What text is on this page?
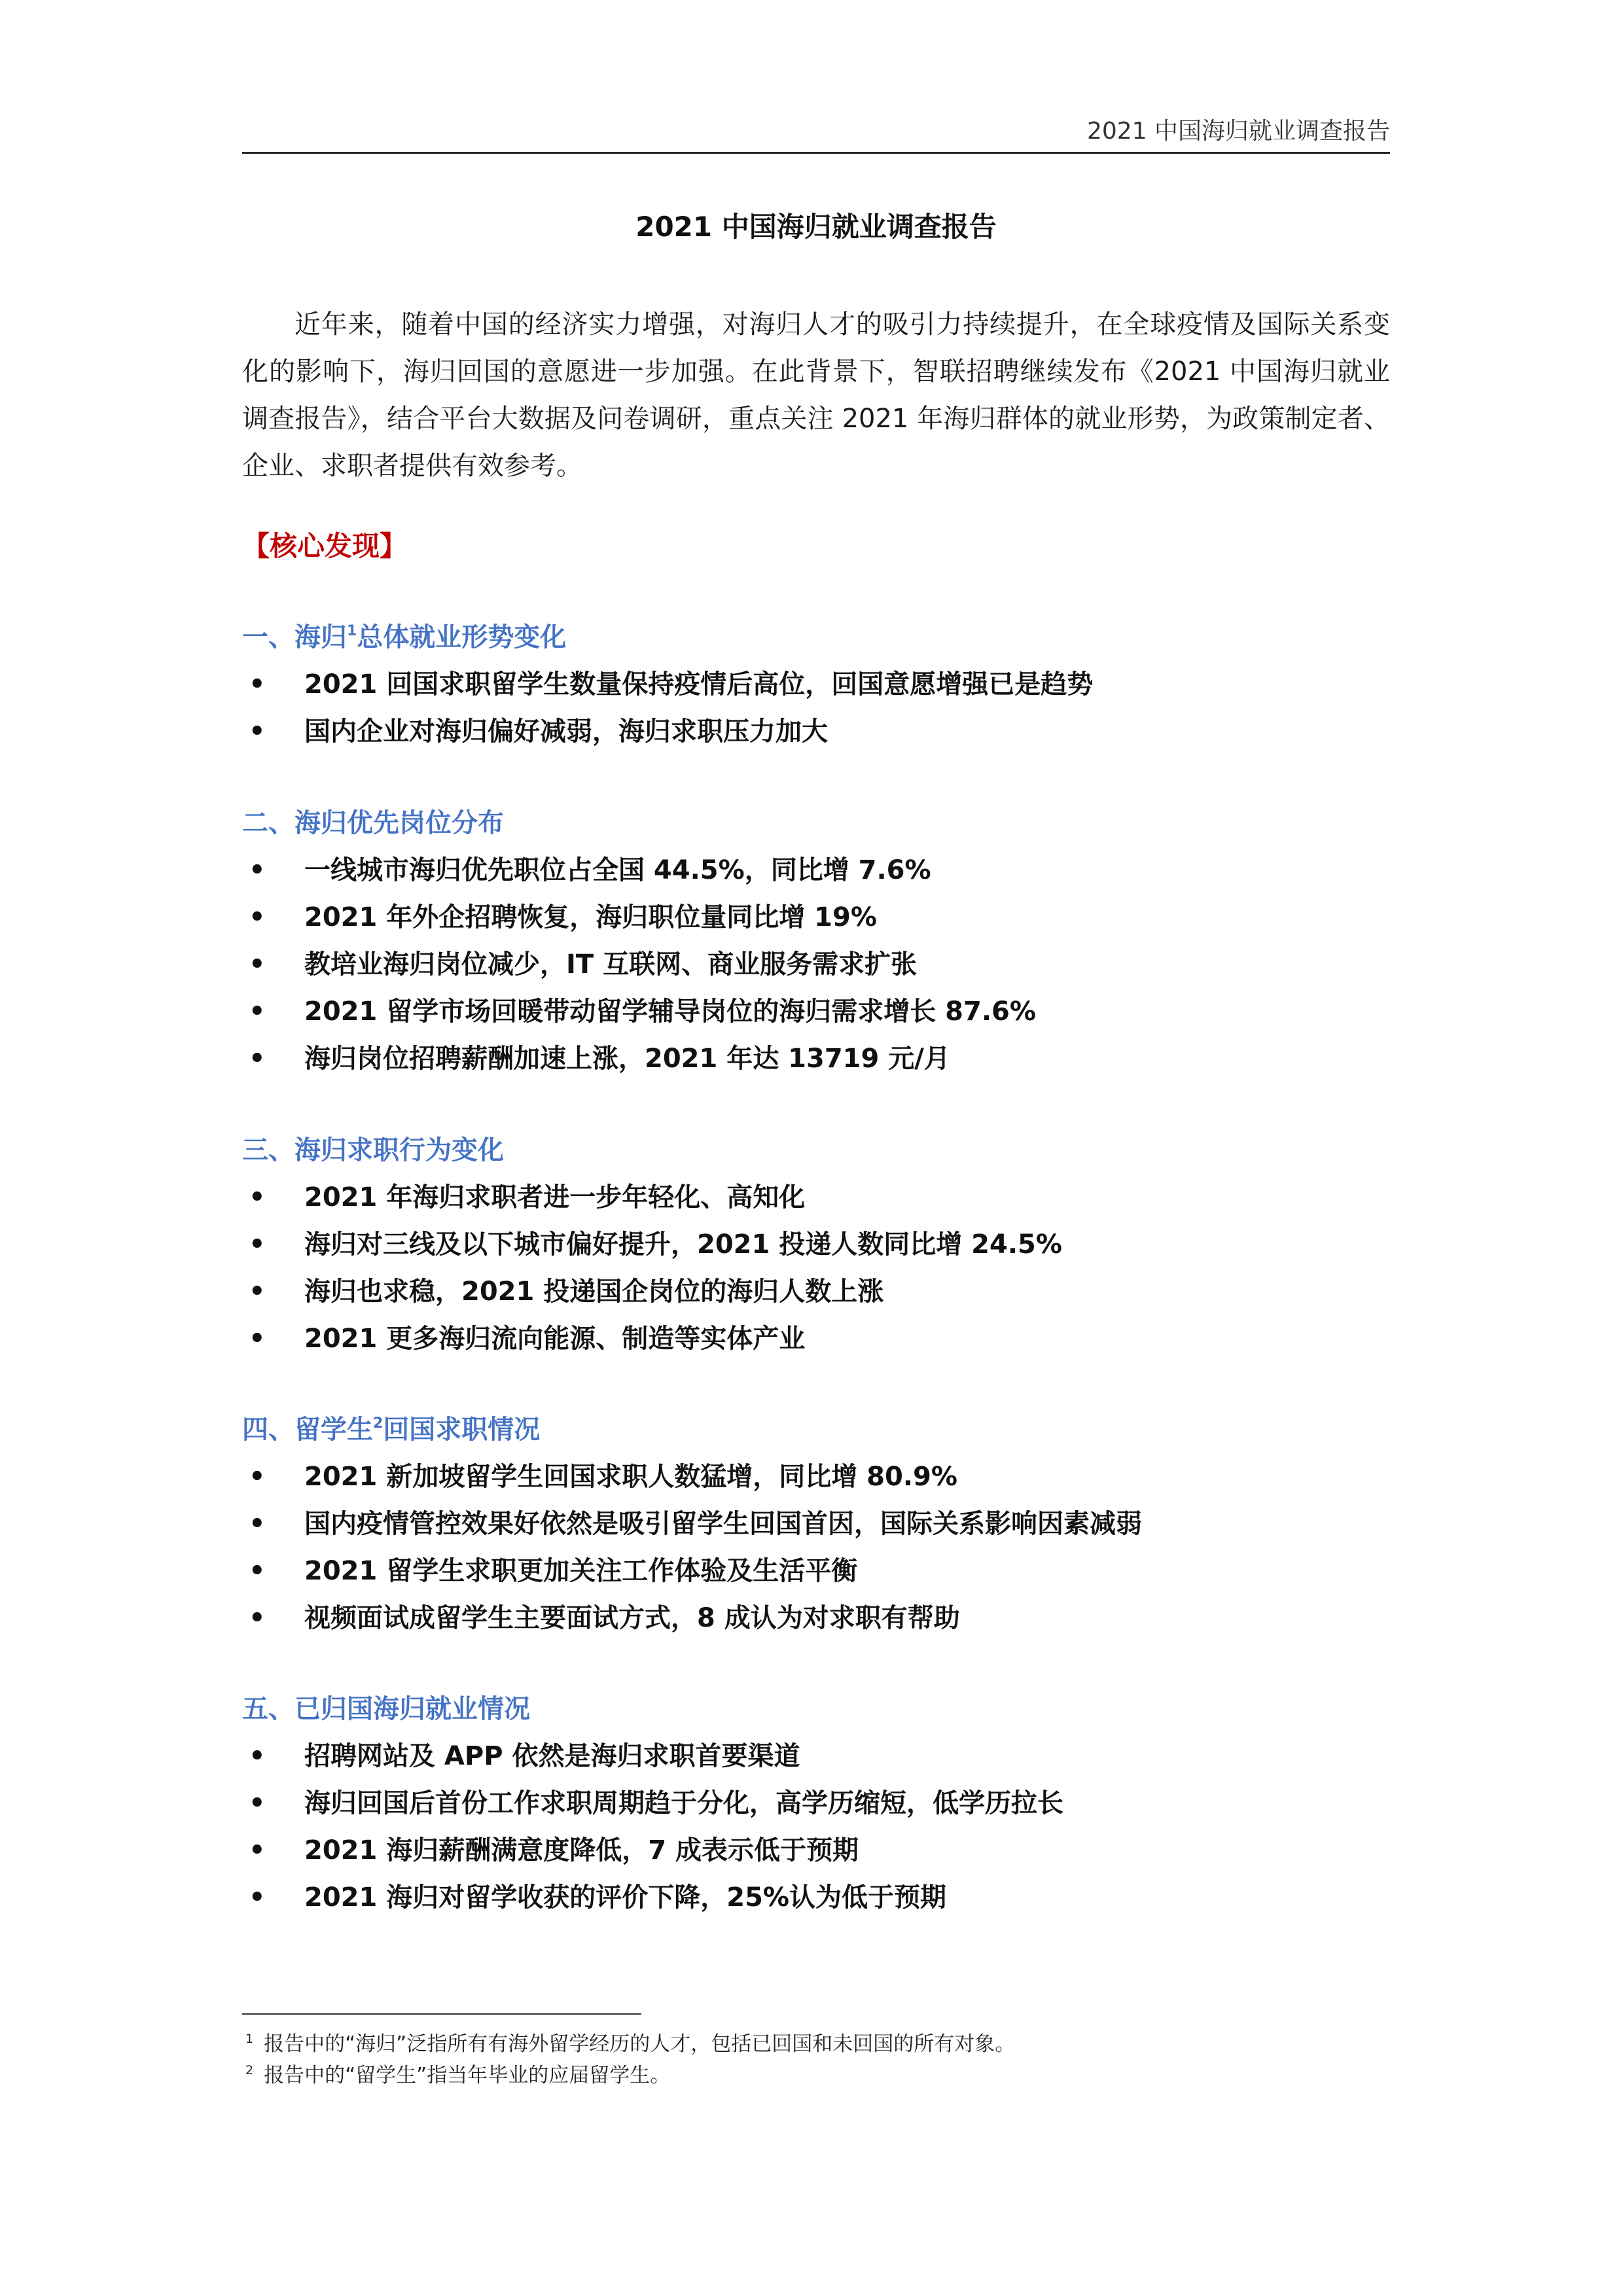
2021 中国海归就业调查报告
2021 中国海归就业调查报告

近年来，随着中国的经济实力增强，对海归人才的吸引力持续提升，在全球疫情及国际关系变化的影响下，海归回国的意愿进一步加强。在此背景下，智联招聘继续发布《2021 中国海归就业调查报告》，结合平台大数据及问卷调研，重点关注 2021 年海归群体的就业形势，为政策制定者、企业、求职者提供有效参考。

【核心发现】
一、海归$^1$总体就业形势变化
• 2021 回国求职留学生数量保持疫情后高位，回国意愿增强已是趋势
• 国内企业对海归偏好减弱，海归求职压力加大
二、海归优先岗位分布
• 一线城市海归优先职位占全国 44.5%，同比增 7.6%
• 2021 年外企招聘恢复，海归职位量同比增 19%
• 教培业海归岗位减少，IT 互联网、商业服务需求扩张
• 2021 留学市场回暖带动留学辅导岗位的海归需求增长 87.6%
• 海归岗位招聘薪酬加速上涨，2021 年达 13719 元/月
三、海归求职行为变化
• 2021 年海归求职者进一步年轻化、高知化
• 海归对三线及以下城市偏好提升，2021 投递人数同比增 24.5%
• 海归也求稳，2021 投递国企岗位的海归人数上涨
• 2021 更多海归流向能源、制造等实体产业
四、留学生$^2$回国求职情况
• 2021 新加坡留学生回国求职人数猛增，同比增 80.9%
• 国内疫情管控效果好依然是吸引留学生回国首因，国际关系影响因素减弱
• 2021 留学生求职更加关注工作体验及生活平衡
• 视频面试成留学生主要面试方式，8 成认为对求职有帮助
五、已归国海归就业情况
• 招聘网站及 APP 依然是海归求职首要渠道
• 海归回国后首份工作求职周期趋于分化，高学历缩短，低学历拉长
• 2021 海归薪酬满意度降低，7 成表示低于预期
• 2021 海归对留学收获的评价下降，25%认为低于预期
$^1$ 报告中的“海归”泛指所有有海外留学经历的人才，包括已回国和未回国的所有对象。
$^2$ 报告中的“留学生”指当年毕业的应届留学生。
